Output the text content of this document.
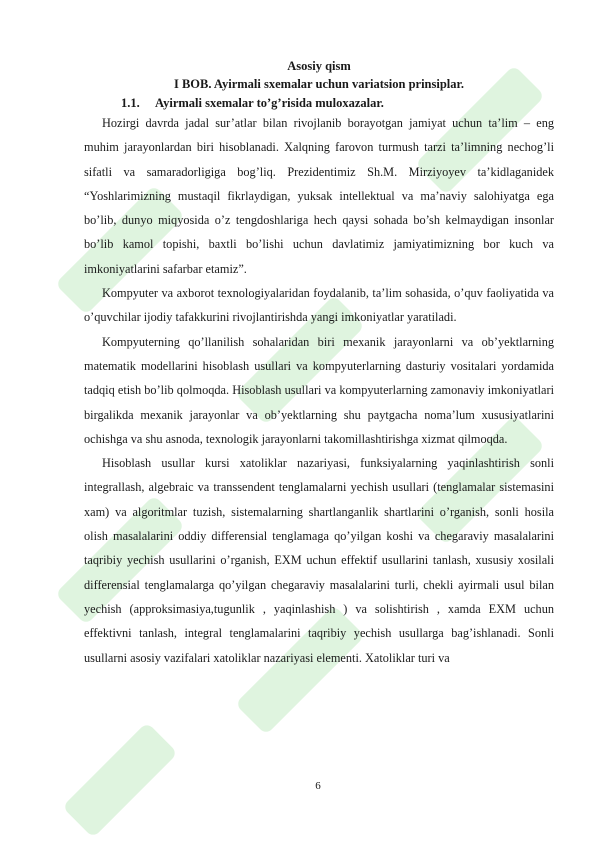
Asosiy qism
I BOB. Ayirmali sxemalar uchun variatsion prinsiplar.
1.1. Ayirmali sxemalar to’g’risida muloxazalar.

Hozirgi davrda jadal sur’atlar bilan rivojlanib borayotgan jamiyat uchun ta’lim – eng muhim jarayonlardan biri hisoblanadi. Xalqning farovon turmush tarzi ta’limning nechog’li sifatli va samaradorligiga bog’liq. Prezidentimiz Sh.M. Mirziyoyev ta’kidlaganidek “Yoshlarimizning mustaqil fikrlaydigan, yuksak intellektual va ma’naviy salohiyatga ega bo’lib, dunyo miqyosida o’z tengdoshlariga hech qaysi sohada bo’sh kelmaydigan insonlar bo’lib kamol topishi, baxtli bo’lishi uchun davlatimiz jamiyatimizning bor kuch va imkoniyatlarini safarbar etamiz”.

Kompyuter va axborot texnologiyalaridan foydalanib, ta’lim sohasida, o’quv faoliyatida va o’quvchilar ijodiy tafakkurini rivojlantirishda yangi imkoniyatlar yaratiladi.

Kompyuterning qo’llanilish sohalaridan biri mexanik jarayonlarni va ob’yektlarning matematik modellarini hisoblash usullari va kompyuterlarning dasturiy vositalari yordamida tadqiq etish bo’lib qolmoqda. Hisoblash usullari va kompyuterlarning zamonaviy imkoniyatlari birgalikda mexanik jarayonlar va ob’yektlarning shu paytgacha noma’lum xususiyatlarini ochishga va shu asnoda, texnologik jarayonlarni takomillashtirishga xizmat qilmoqda.

Hisoblash usullar kursi xatoliklar nazariyasi, funksiyalarning yaqinlashtirish sonli integrallash, algebraic va transsendent tenglamalarni yechish usullari (tenglamalar sistemasini xam) va algoritmlar tuzish, sistemalarning shartlanganlik shartlarini o’rganish, sonli hosila olish masalalarini oddiy differensial tenglamaga qo’yilgan koshi va chegaraviy masalalarini taqribiy yechish usullarini o’rganish, EXM uchun effektif usullarini tanlash, xususiy xosilali differensial tenglamalarga qo’yilgan chegaraviy masalalarini turli, chekli ayirmali usul bilan yechish (approksimasiya,tugunlik , yaqinlashish ) va solishtirish , xamda EXM uchun effektivni tanlash, integral tenglamalarini taqribiy yechish usullarga bag’ishlanadi. Sonli usullarni asosiy vazifalari xatoliklar nazariyasi elementi. Xatoliklar turi va

6
